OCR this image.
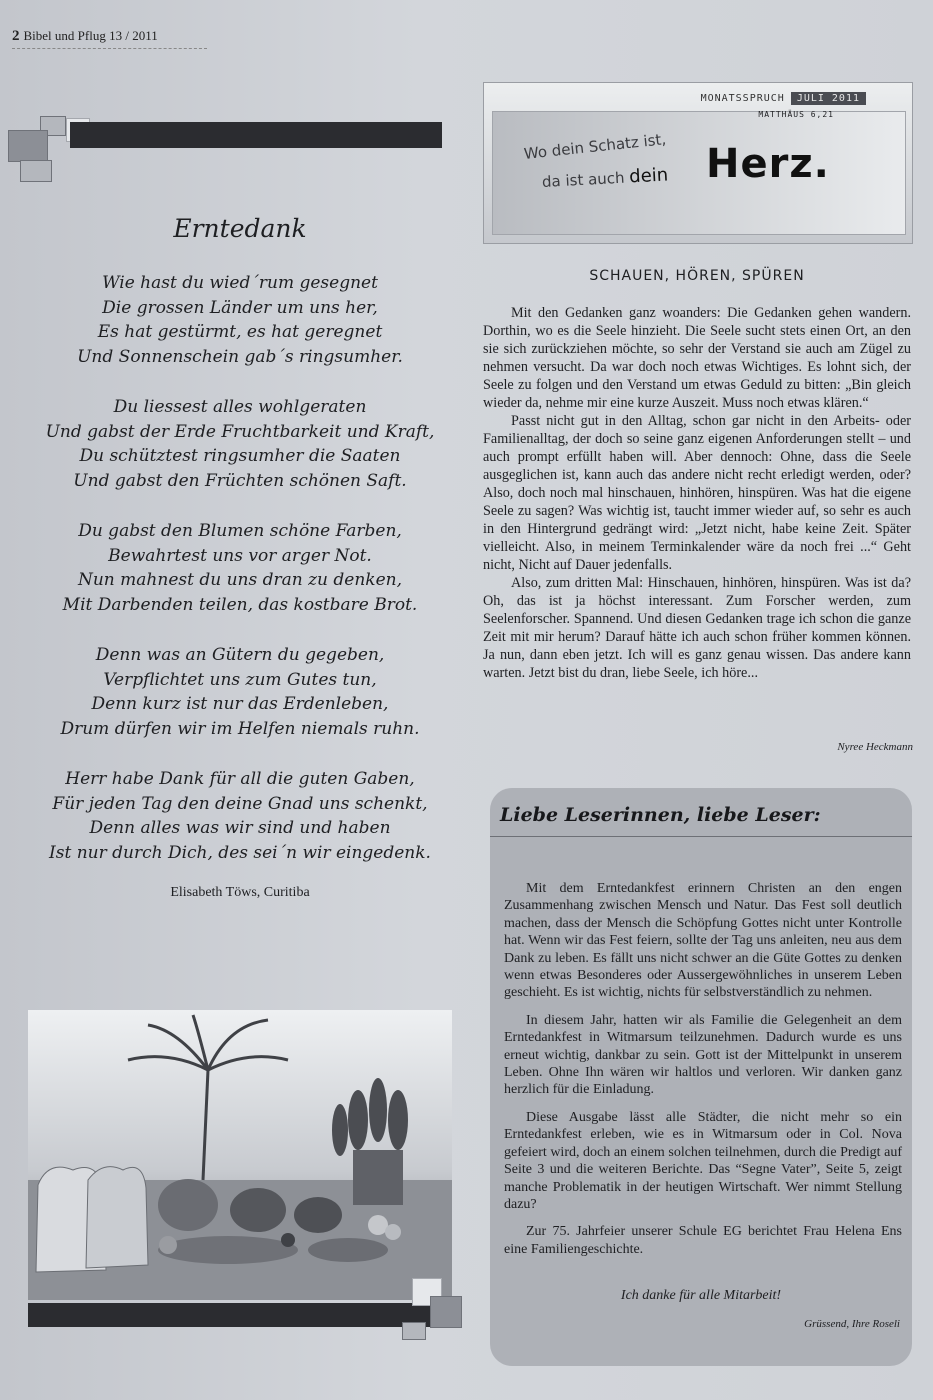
2 Bibel und Pflug 13 / 2011
Erntedank
Wie hast du wied´rum gesegnet
Die grossen Länder um uns her,
Es hat gestürmt, es hat geregnet
Und Sonnenschein gab´s ringsumher.
Du liessest alles wohlgeraten
Und gabst der Erde Fruchtbarkeit und Kraft,
Du schütztest ringsumher die Saaten
Und gabst den Früchten schönen Saft.
Du gabst den Blumen schöne Farben,
Bewahrtest uns vor arger Not.
Nun mahnest du uns dran zu denken,
Mit Darbenden teilen, das kostbare Brot.
Denn was an Gütern du gegeben,
Verpflichtet uns zum Gutes tun,
Denn kurz ist nur das Erdenleben,
Drum dürfen wir im Helfen niemals ruhn.
Herr habe Dank für all die guten Gaben,
Für jeden Tag den deine Gnad uns schenkt,
Denn alles was wir sind und haben
Ist nur durch Dich, des sei´n wir eingedenk.
Elisabeth Töws, Curitiba
MONATSSPRUCH JULI 2011
MATTHÄUS 6,21
Wo dein Schatz ist,
da ist auch dein Herz.
SCHAUEN, HÖREN, SPÜREN

Mit den Gedanken ganz woanders: Die Gedanken gehen wandern. Dorthin, wo es die Seele hinzieht. Die Seele sucht stets einen Ort, an den sie sich zurückziehen möchte, so sehr der Verstand sie auch am Zügel zu nehmen versucht. Da war doch noch etwas Wichtiges. Es lohnt sich, der Seele zu folgen und den Verstand um etwas Geduld zu bitten: „Bin gleich wieder da, nehme mir eine kurze Auszeit. Muss noch etwas klären.“

Passt nicht gut in den Alltag, schon gar nicht in den Arbeits- oder Familienalltag, der doch so seine ganz eigenen Anforderungen stellt – und auch prompt erfüllt haben will. Aber dennoch: Ohne, dass die Seele ausgeglichen ist, kann auch das andere nicht recht erledigt werden, oder? Also, doch noch mal hinschauen, hinhören, hinspüren. Was hat die eigene Seele zu sagen? Was wichtig ist, taucht immer wieder auf, so sehr es auch in den Hintergrund gedrängt wird: „Jetzt nicht, habe keine Zeit. Später vielleicht. Also, in meinem Terminkalender wäre da noch frei ...“ Geht nicht, Nicht auf Dauer jedenfalls.

Also, zum dritten Mal: Hinschauen, hinhören, hinspüren. Was ist da? Oh, das ist ja höchst interessant. Zum Forscher werden, zum Seelenforscher. Spannend. Und diesen Gedanken trage ich schon die ganze Zeit mit mir herum? Darauf hätte ich auch schon früher kommen können. Ja nun, dann eben jetzt. Ich will es ganz genau wissen. Das andere kann warten. Jetzt bist du dran, liebe Seele, ich höre...

Nyree Heckmann
Liebe Leserinnen, liebe Leser:

Mit dem Erntedankfest erinnern Christen an den engen Zusammenhang zwischen Mensch und Natur. Das Fest soll deutlich machen, dass der Mensch die Schöpfung Gottes nicht unter Kontrolle hat. Wenn wir das Fest feiern, sollte der Tag uns anleiten, neu aus dem Dank zu leben. Es fällt uns nicht schwer an die Güte Gottes zu denken wenn etwas Besonderes oder Aussergewöhnliches in unserem Leben geschieht. Es ist wichtig, nichts für selbstverständlich zu nehmen.

In diesem Jahr, hatten wir als Familie die Gelegenheit an dem Erntedankfest in Witmarsum teilzunehmen. Dadurch wurde es uns erneut wichtig, dankbar zu sein. Gott ist der Mittelpunkt in unserem Leben. Ohne Ihn wären wir haltlos und verloren. Wir danken ganz herzlich für die Einladung.

Diese Ausgabe lässt alle Städter, die nicht mehr so ein Erntedankfest erleben, wie es in Witmarsum oder in Col. Nova gefeiert wird, doch an einem solchen teilnehmen, durch die Predigt auf Seite 3 und die weiteren Berichte. Das “Segne Vater”, Seite 5, zeigt manche Problematik in der heutigen Wirtschaft. Wer nimmt Stellung dazu?

Zur 75. Jahrfeier unserer Schule EG berichtet Frau Helena Ens eine Familiengeschichte.

Ich danke für alle Mitarbeit!
Grüssend, Ihre Roseli
